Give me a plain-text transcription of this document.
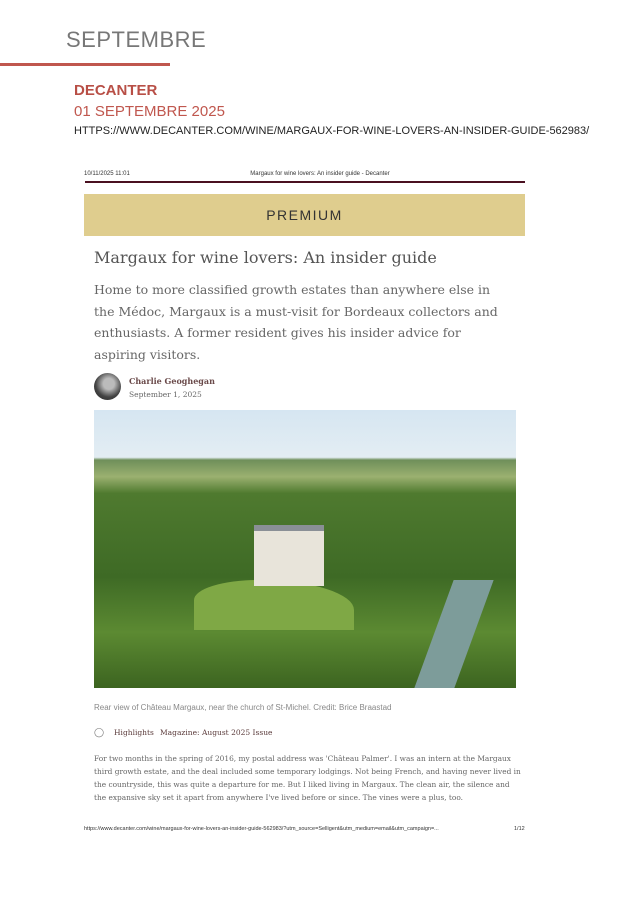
SEPTEMBRE
DECANTER
01 SEPTEMBRE 2025
HTTPS://WWW.DECANTER.COM/WINE/MARGAUX-FOR-WINE-LOVERS-AN-INSIDER-GUIDE-562983/
10/11/2025 11:01	Margaux for wine lovers: An insider guide - Decanter
PREMIUM
Margaux for wine lovers: An insider guide
Home to more classified growth estates than anywhere else in the Médoc, Margaux is a must-visit for Bordeaux collectors and enthusiasts. A former resident gives his insider advice for aspiring visitors.
Charlie Geoghegan
September 1, 2025
Rear view of Château Margaux, near the church of St-Michel. Credit: Brice Braastad
◯ Highlights Magazine: August 2025 Issue
For two months in the spring of 2016, my postal address was 'Château Palmer'. I was an intern at the Margaux third growth estate, and the deal included some temporary lodgings. Not being French, and having never lived in the countryside, this was quite a departure for me. But I liked living in Margaux. The clean air, the silence and the expansive sky set it apart from anywhere I've lived before or since. The vines were a plus, too.
https://www.decanter.com/wine/margaux-for-wine-lovers-an-insider-guide-562983/?utm_source=Selligent&utm_medium=email&utm_campaign=...	1/12
